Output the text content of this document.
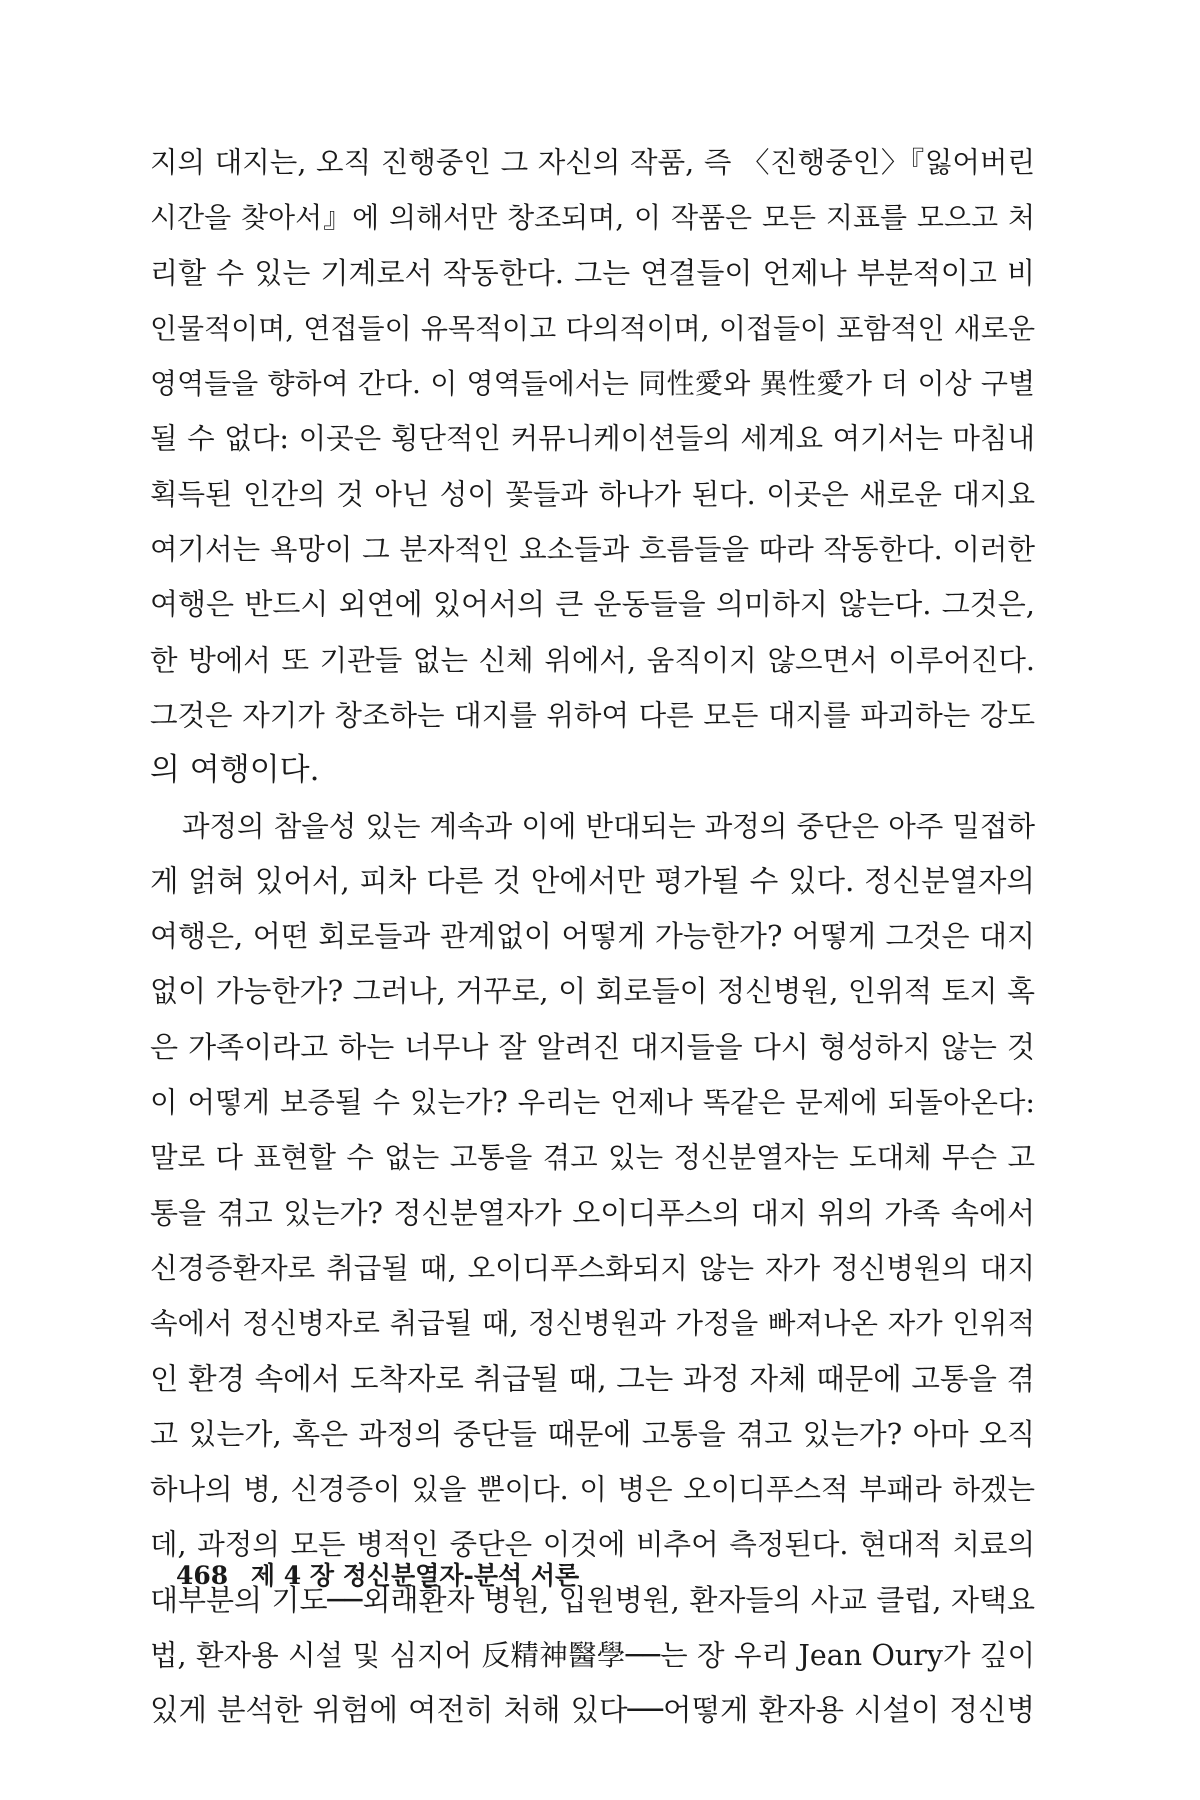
지의 대지는, 오직 진행중인 그 자신의 작품, 즉 〈진행중인〉『잃어버린
시간을 찾아서』에 의해서만 창조되며, 이 작품은 모든 지표를 모으고 처
리할 수 있는 기계로서 작동한다. 그는 연결들이 언제나 부분적이고 비
인물적이며, 연접들이 유목적이고 다의적이며, 이접들이 포함적인 새로운
영역들을 향하여 간다. 이 영역들에서는 同性愛와 異性愛가 더 이상 구별
될 수 없다: 이곳은 횡단적인 커뮤니케이션들의 세계요 여기서는 마침내
획득된 인간의 것 아닌 성이 꽃들과 하나가 된다. 이곳은 새로운 대지요
여기서는 욕망이 그 분자적인 요소들과 흐름들을 따라 작동한다. 이러한
여행은 반드시 외연에 있어서의 큰 운동들을 의미하지 않는다. 그것은,
한 방에서 또 기관들 없는 신체 위에서, 움직이지 않으면서 이루어진다.
그것은 자기가 창조하는 대지를 위하여 다른 모든 대지를 파괴하는 강도
의 여행이다.
과정의 참을성 있는 계속과 이에 반대되는 과정의 중단은 아주 밀접하
게 얽혀 있어서, 피차 다른 것 안에서만 평가될 수 있다. 정신분열자의
여행은, 어떤 회로들과 관계없이 어떻게 가능한가? 어떻게 그것은 대지
없이 가능한가? 그러나, 거꾸로, 이 회로들이 정신병원, 인위적 토지 혹
은 가족이라고 하는 너무나 잘 알려진 대지들을 다시 형성하지 않는 것
이 어떻게 보증될 수 있는가? 우리는 언제나 똑같은 문제에 되돌아온다:
말로 다 표현할 수 없는 고통을 겪고 있는 정신분열자는 도대체 무슨 고
통을 겪고 있는가? 정신분열자가 오이디푸스의 대지 위의 가족 속에서
신경증환자로 취급될 때, 오이디푸스화되지 않는 자가 정신병원의 대지
속에서 정신병자로 취급될 때, 정신병원과 가정을 빠져나온 자가 인위적
인 환경 속에서 도착자로 취급될 때, 그는 과정 자체 때문에 고통을 겪
고 있는가, 혹은 과정의 중단들 때문에 고통을 겪고 있는가? 아마 오직
하나의 병, 신경증이 있을 뿐이다. 이 병은 오이디푸스적 부패라 하겠는
데, 과정의 모든 병적인 중단은 이것에 비추어 측정된다. 현대적 치료의
대부분의 기도──외래환자 병원, 입원병원, 환자들의 사교 클럽, 자택요
법, 환자용 시설 및 심지어 反精神醫學──는 장 우리 Jean Oury가 깊이
있게 분석한 위험에 여전히 처해 있다──어떻게 환자용 시설이 정신병
468 제 4 장 정신분열자-분석 서론
